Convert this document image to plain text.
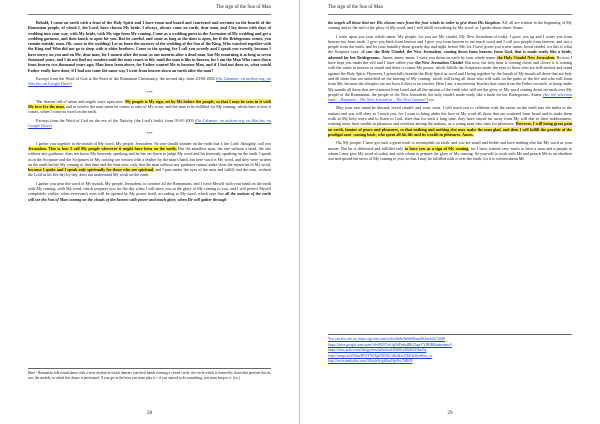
The sign of the Son of Man

Behold, I come on earth with a feast of the Holy Spirit and I have room and board and courtyard and servants on the hearth of the Romanian people, of which I, the Lord, have chosen My bride. I always, always come on earth, dear man, and I lay down with days of wedding into your way, with My bride, with My sign from My coming. Come as a wedding guest in the Ascension of My wedding and get a wedding garment, and then knock to open for you. But be careful, and come as long as the door is open, for if the Bridegroom comes, you remain outside, man. Oh, come to the wedding! Let us learn the mystery of the wedding of the Son of the King, Who watched together with the King and Who did not go to sleep with is older brothers. Come to the spring, for I call you sweetly and I speak you sweetly, because I have mercy on you and on Me, dear man, for I mourn after the man, as one mourns after a dead man, but My mourning is as long as seven thousand years, and I do not find my comfort until the man comes to life, until the man is like in heaven, for I am the Man Who came down from heaven two thousand years ago; Man born from above, for Father wanted Me to become Man, and if I had not done so, what would Father really have done, if I had not come the same way I went from heaven down on earth after the man?

Excerpt from the Word of God at the Feast of the Romanian Christianity, the second day, from 23-06-2002 (On Calameo; on archive.org; on files.fm; on Google Drive)

***

The heaven full of saints and angels stays open now. My people is My sign, set by Me before the people, so that I may be seen in it with My love for the man, and to receive the man when he comes to take of My voice, and the man to be fulfilled for My coming, which here is how it comes, when I come as word on the earth.

Excerpt from the Word of God on the eve of the Nativity (the Lord's birth), from 05-01-2003 (On Calameo; on archive.org; on files.fm; on Google Drive)

***

I gather you together in the mouth of My word, My people, Jerusalem. No one should wonder on the earth that I, the Lord, Almighty, call you Jerusalem. This is how I call My people wherever it might have been on the earth. But the mindless man, the one without a head, the one without any guidance, does not know My heavenly speaking and he has set down to judge My word and his heavenly speaking on the earth. I speak as in the Scripture and the Scriptures of My coming are written with a feather by the man's hand, but here word is My word, and they were written on the earth before My coming of that time and the time now, only that the man without any guidance cannot make clear the mysteries of My word, because I spoke and I speak only spiritually for those who are spiritual, and I pass under the eyes of the man and fulfill, and the man, without the Lord in his life day by day, does not understand My work on the earth.

I gather you near the word of My mouth, My people, Jerusalem, to comfort all the Romanians, and I write Myself with your hand on the earth with My coming, with My word, which prepares you for the day when I will show you in the glory of My coming to you, and I will perfect Myself completely visible, when everyone's eyes will be opened by My power itself, according to My word, which says that all the nations of the earth will see the Son of Man coming on the clouds of the heaven with power and much glory, when He will gather through

Here - Romanian folk round dance with a slow rhythm in which dancers join their hands forming a closed circle; the circle which is formed by those that perform this dance; the melody to which this dance is performed. If you get in the hora you must play it = if you started to do something, you must keep to it. (r.n.)

28
The sign of the Son of Man

the angels all those that are His chosen ones from the four winds in order to give them His kingdom. All, all are written in the beginning of My coming and in the end of the glory of My word, and I will fulfill everything by My word, as I spoke about them. Amen.

I write upon you your whole name, My people, for you are My citadel, My New Jerusalem of today. I grow you up and I water you from heaven not from earth. I give you birth from heaven and I give you from heaven to eat much word and I call you people from heaven, and not a people from the earth, and let your humility shine greatly day and night before Me, for I have given you a new name, loved citadel, for this is what the Scripture says: «I saw the Holy Citadel, the New Jerusalem, coming down from heaven, from God, that is made ready like a bride, adorned for her Bridegroom». Amen, amen, amen, I write you down on earth by your whole name: the Holy Citadel New Jerusalem. By now I have kept you under the veil and I have called you: the New Jerusalem Citadel. But now, the holy time is coming closer and closer, it is coming with the saints in heaven as sound and there it comes My power, which fulfills the Scriptures under the eyes of those who are stiff-necked and stand against the Holy Spirit. However, I powerfully breathe the Holy Spirit as word and I bring together by the breath of My mouth all those that are holy and all those that are sanctified on the hearing of My coming, which will bring all those who will walk on the paths of the life and who will learn from Me, because the disciples are not born if there is no teacher. Here I am, a mysterious Teacher that came from the Father on earth, to bring under My mantle all those that are scattered from Israel and all the nations of the earth who will see the glory of My word coming down on earth over My people of the Romanians, the people of the New Jerusalem, the holy citadel, made ready like a bride for her Bridegroom. Amen: (See the selection topic: „Romania – The New Jerusalem – The New Canaan”) r.n.

May your new name be blessed, loved citadel, and soon, soon, I will teach you to celebrate with the saints on the earth into the midst of the nations and you will obey as I teach you, for I want to bring under the love of My word all those that are scattered from Israel and to make them walk in My holy ways and to listen to God, after that for such a long time, they have stayed far away from My will due to their stubbornness, wasting away their wealth in pleasures and revelries among the nations, as a young man who lusts for pleasures. However, I will bring great pain on earth, famine of peace and pleasures, so that nothing and nothing else may make the man glad, and then I will fulfill the parable of the prodigal sons' coming back, who spent all his life and its wealth in pleasures. Amen.

Oh, My people, I have got such a great work to accomplish on earth, and you are small and feeble and have nothing else but My word as your master. But he is delivered and fulfilled only to have you as a sign of My coming, for I have wanted very much to have a man and a people to whom I may give My word of today, and with whom to prepare the glory of My coming. So yourself to work with Me and preach Me as an obedient son and spread the news of My coming to you, so that I may be fulfilled with it over the earth, for it is written about Me

You can also see on: https://tgyclan.com/rs/de2de8b/8e8e9dbaaa9b3aadd2c7a5d8

https://drive.google.com/open?id=0B0V5n1IgNdPpekdRKZhgnVYRHBlkhnhemnw9

https://docs.zoho.com/file/qjzrhcwh4fm1ea2494b9cf402d62f36a45a

https://mega.nz/#!6kszRVSY!kTIgn9XNJb1dEi4kw2QbEZzlhoe8yrs_tu

http://www.mediafire.com/?dhijsh4yfgk8sp16pJ6w7b8Ef8

29
